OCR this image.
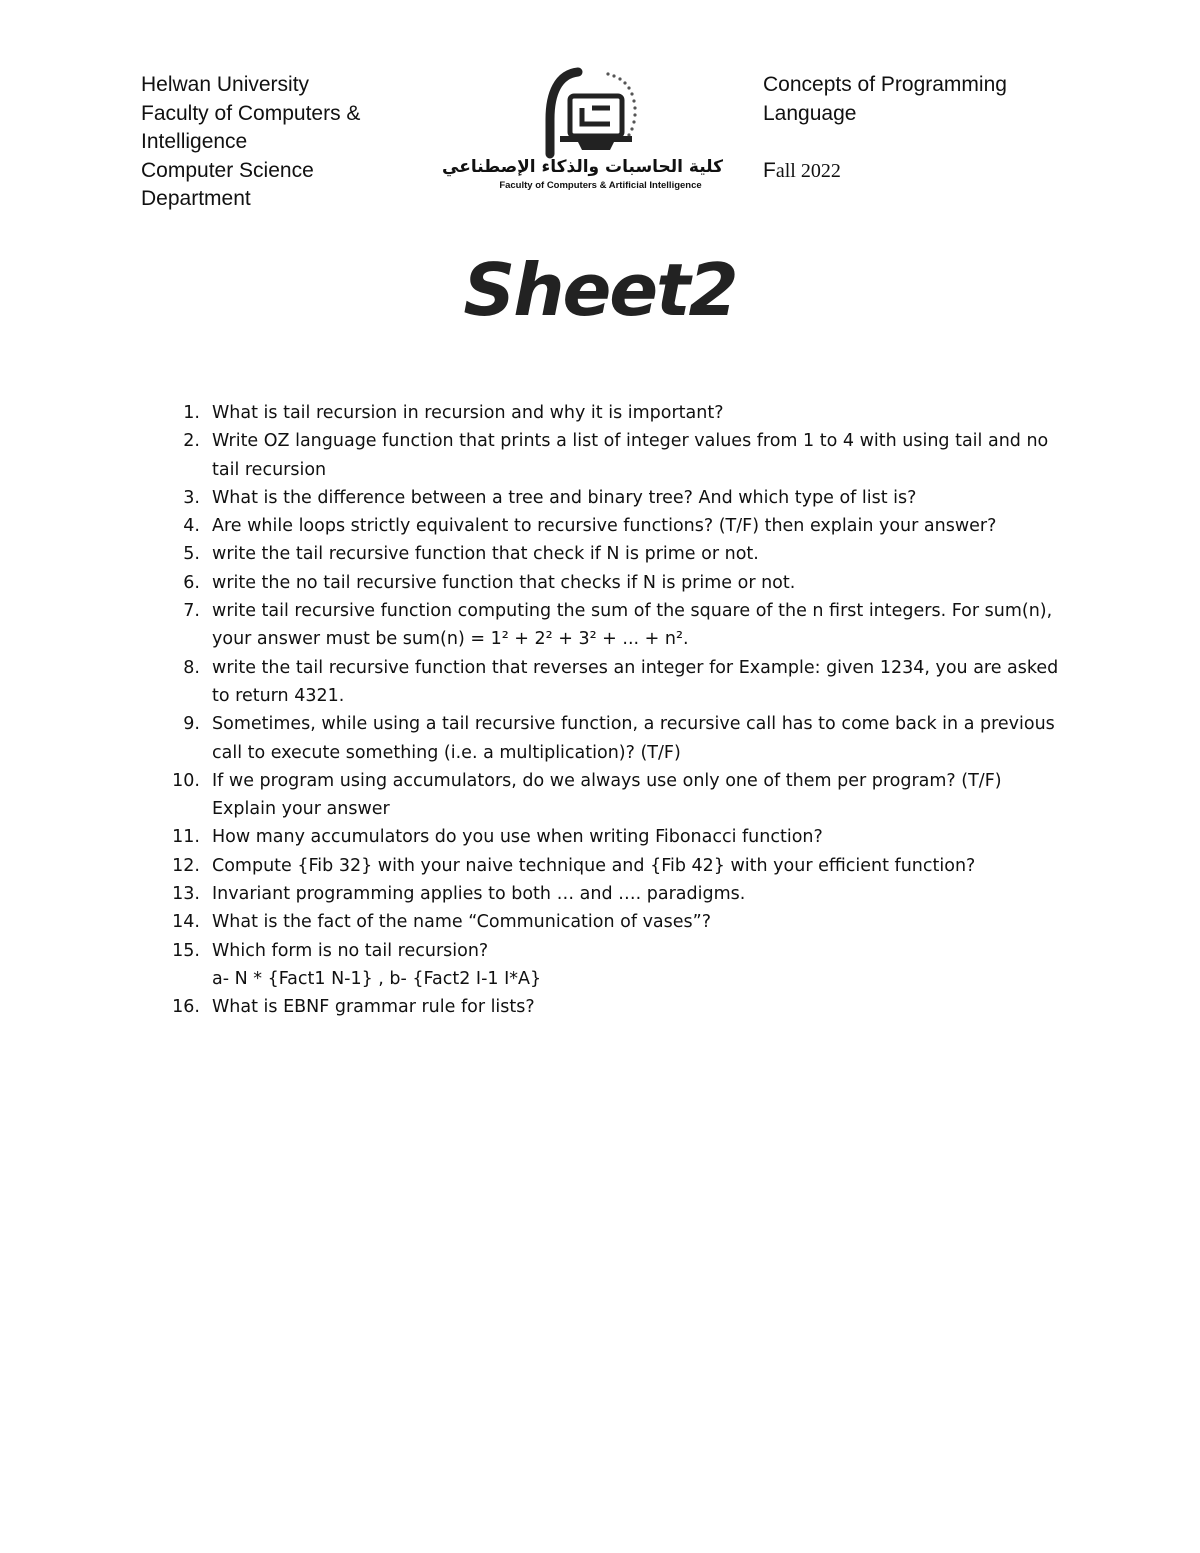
Helwan University
Faculty of Computers &
Intelligence
Computer Science
Department
كلية الحاسبات والذكاء الإصطناعي
Faculty of Computers & Artificial Intelligence
Concepts of Programming
Language
Fall 2022
Sheet2
1. What is tail recursion in recursion and why it is important?
2. Write OZ language function that prints a list of integer values from 1 to 4 with using tail and no tail recursion
3. What is the difference between a tree and binary tree? And which type of list is?
4. Are while loops strictly equivalent to recursive functions? (T/F) then explain your answer?
5. write the tail recursive function that check if N is prime or not.
6. write the no tail recursive function that checks if N is prime or not.
7. write tail recursive function computing the sum of the square of the n first integers. For sum(n), your answer must be sum(n) = 1² + 2² + 3² + ... + n².
8. write the tail recursive function that reverses an integer for Example: given 1234, you are asked to return 4321.
9. Sometimes, while using a tail recursive function, a recursive call has to come back in a previous call to execute something (i.e. a multiplication)? (T/F)
10. If we program using accumulators, do we always use only one of them per program? (T/F) Explain your answer
11. How many accumulators do you use when writing Fibonacci function?
12. Compute {Fib 32} with your naive technique and {Fib 42} with your efficient function?
13. Invariant programming applies to both … and …. paradigms.
14. What is the fact of the name “Communication of vases”?
15. Which form is no tail recursion?
a- N * {Fact1 N-1} , b- {Fact2 I-1 I*A}
16. What is EBNF grammar rule for lists?
